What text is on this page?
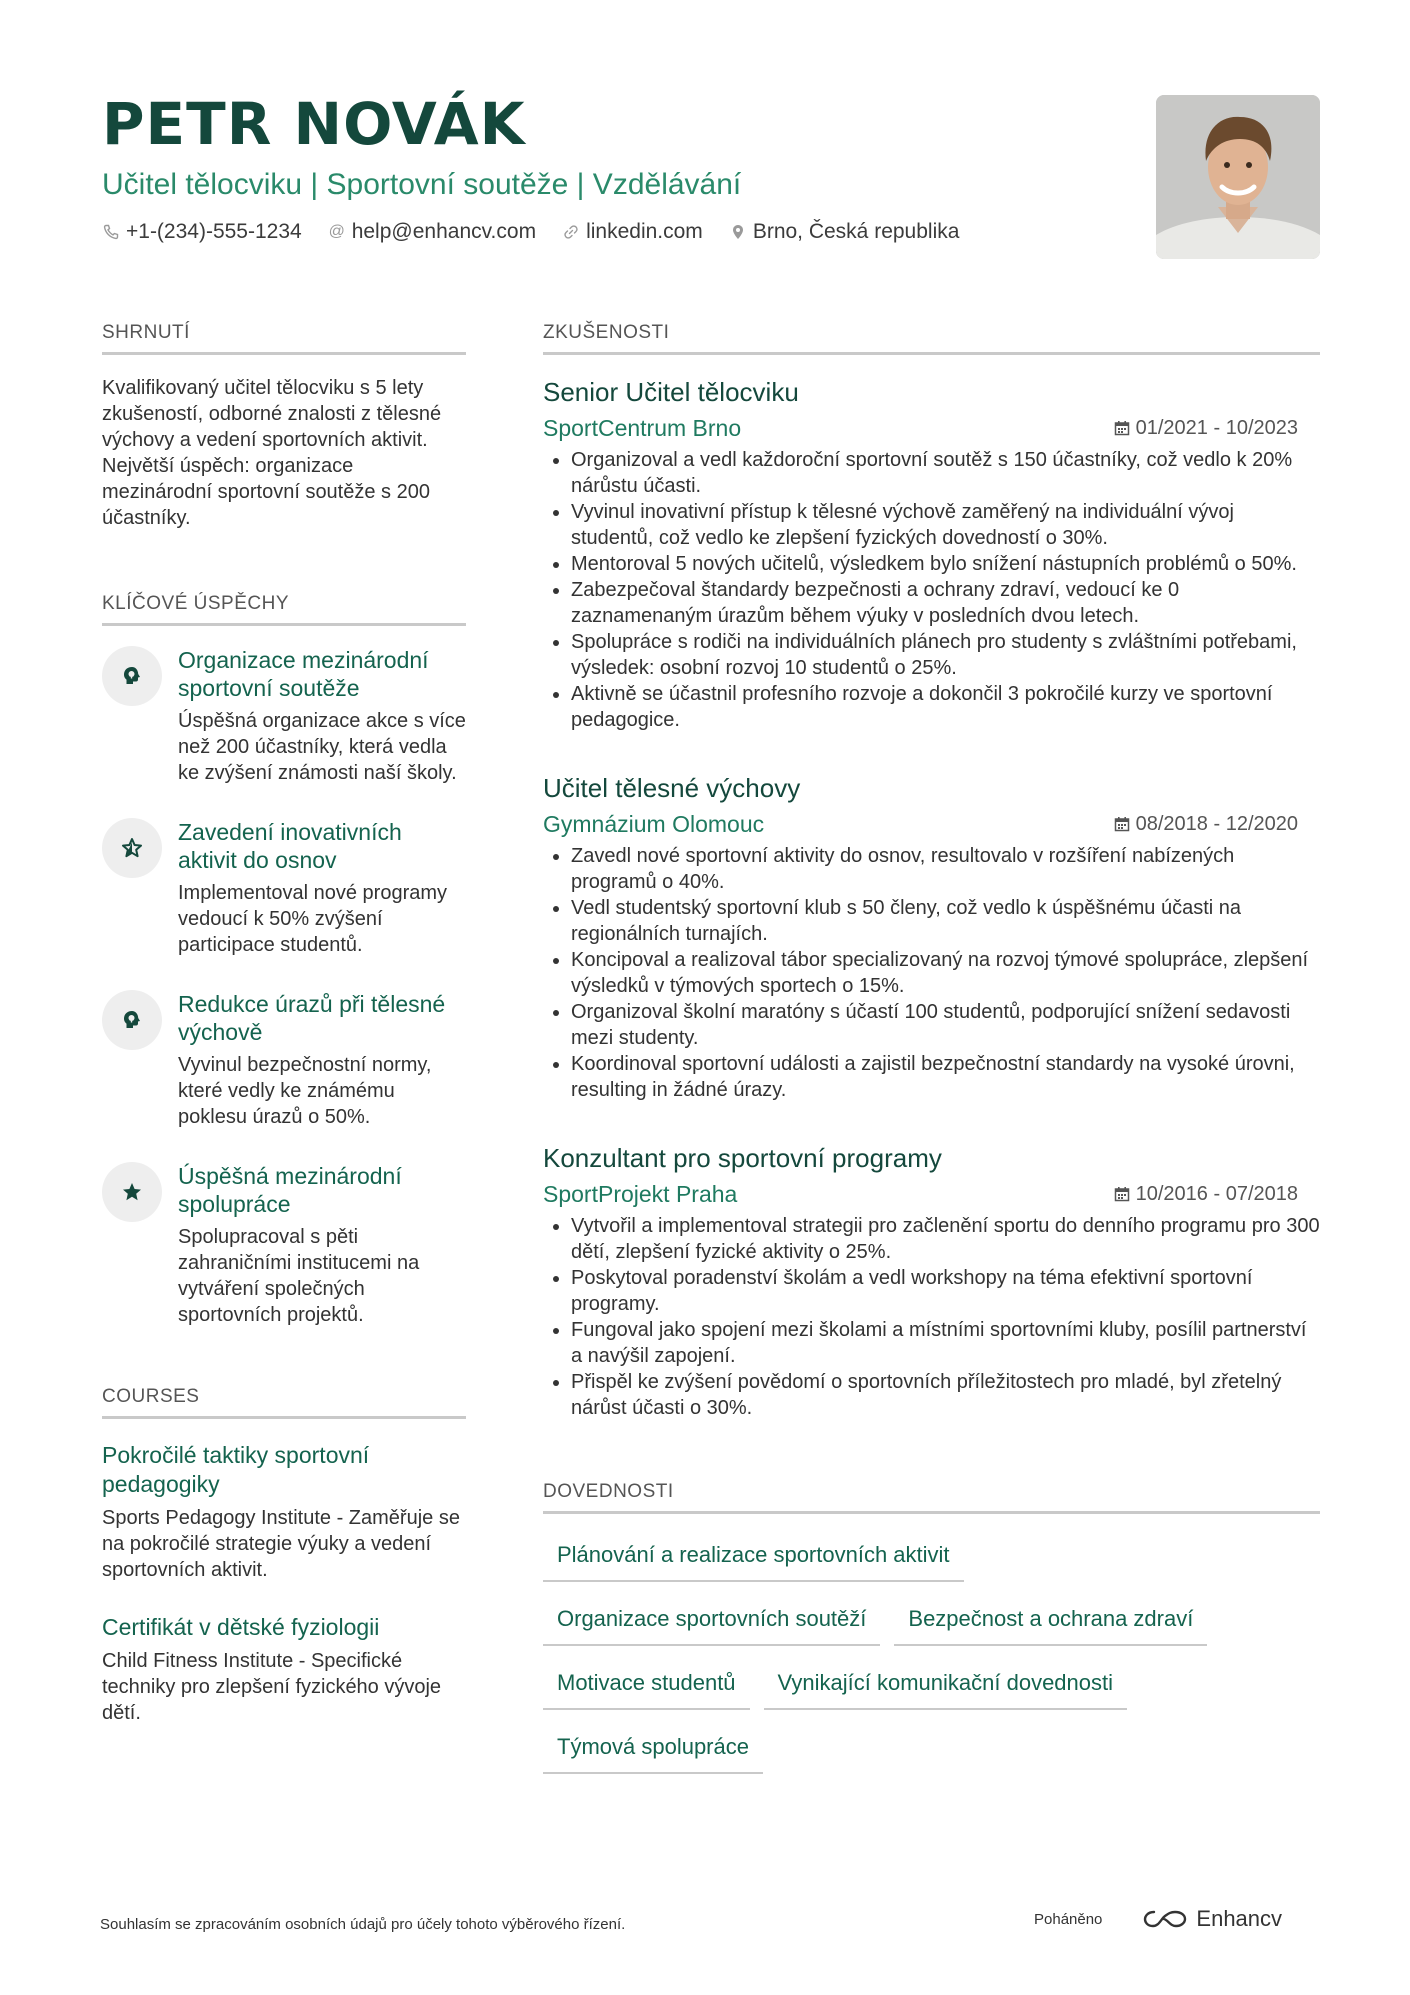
PETR NOVÁK
Učitel tělocviku | Sportovní soutěže | Vzdělávání
+1-(234)-555-1234 @ help@enhancv.com linkedin.com Brno, Česká republika
SHRNUTÍ
Kvalifikovaný učitel tělocviku s 5 lety zkušeností, odborné znalosti z tělesné výchovy a vedení sportovních aktivit. Největší úspěch: organizace mezinárodní sportovní soutěže s 200 účastníky.
KLÍČOVÉ ÚSPĚCHY
Organizace mezinárodní sportovní soutěže
Úspěšná organizace akce s více než 200 účastníky, která vedla ke zvýšení známosti naší školy.
Zavedení inovativních aktivit do osnov
Implementoval nové programy vedoucí k 50% zvýšení participace studentů.
Redukce úrazů při tělesné výchově
Vyvinul bezpečnostní normy, které vedly ke známému poklesu úrazů o 50%.
Úspěšná mezinárodní spolupráce
Spolupracoval s pěti zahraničními institucemi na vytváření společných sportovních projektů.
COURSES
Pokročilé taktiky sportovní pedagogiky
Sports Pedagogy Institute - Zaměřuje se na pokročilé strategie výuky a vedení sportovních aktivit.
Certifikát v dětské fyziologii
Child Fitness Institute - Specifické techniky pro zlepšení fyzického vývoje dětí.
ZKUŠENOSTI
Senior Učitel tělocviku
SportCentrum Brno	01/2021 - 10/2023
Organizoval a vedl každoroční sportovní soutěž s 150 účastníky, což vedlo k 20% nárůstu účasti.
Vyvinul inovativní přístup k tělesné výchově zaměřený na individuální vývoj studentů, což vedlo ke zlepšení fyzických dovedností o 30%.
Mentoroval 5 nových učitelů, výsledkem bylo snížení nástupních problémů o 50%.
Zabezpečoval štandardy bezpečnosti a ochrany zdraví, vedoucí ke 0 zaznamenaným úrazům během výuky v posledních dvou letech.
Spolupráce s rodiči na individuálních plánech pro studenty s zvláštními potřebami, výsledek: osobní rozvoj 10 studentů o 25%.
Aktivně se účastnil profesního rozvoje a dokončil 3 pokročilé kurzy ve sportovní pedagogice.
Učitel tělesné výchovy
Gymnázium Olomouc	08/2018 - 12/2020
Zavedl nové sportovní aktivity do osnov, resultovalo v rozšíření nabízených programů o 40%.
Vedl studentský sportovní klub s 50 členy, což vedlo k úspěšnému účasti na regionálních turnajích.
Koncipoval a realizoval tábor specializovaný na rozvoj týmové spolupráce, zlepšení výsledků v týmových sportech o 15%.
Organizoval školní maratóny s účastí 100 studentů, podporující snížení sedavosti mezi studenty.
Koordinoval sportovní události a zajistil bezpečnostní standardy na vysoké úrovni, resulting in žádné úrazy.
Konzultant pro sportovní programy
SportProjekt Praha	10/2016 - 07/2018
Vytvořil a implementoval strategii pro začlenění sportu do denního programu pro 300 dětí, zlepšení fyzické aktivity o 25%.
Poskytoval poradenství školám a vedl workshopy na téma efektivní sportovní programy.
Fungoval jako spojení mezi školami a místními sportovními kluby, posílil partnerství a navýšil zapojení.
Přispěl ke zvýšení povědomí o sportovních příležitostech pro mladé, byl zřetelný nárůst účasti o 30%.
DOVEDNOSTI
Plánování a realizace sportovních aktivit
Organizace sportovních soutěží	Bezpečnost a ochrana zdraví
Motivace studentů	Vynikající komunikační dovednosti
Týmová spolupráce
Souhlasím se zpracováním osobních údajů pro účely tohoto výběrového řízení.	Poháněno	Enhancv
